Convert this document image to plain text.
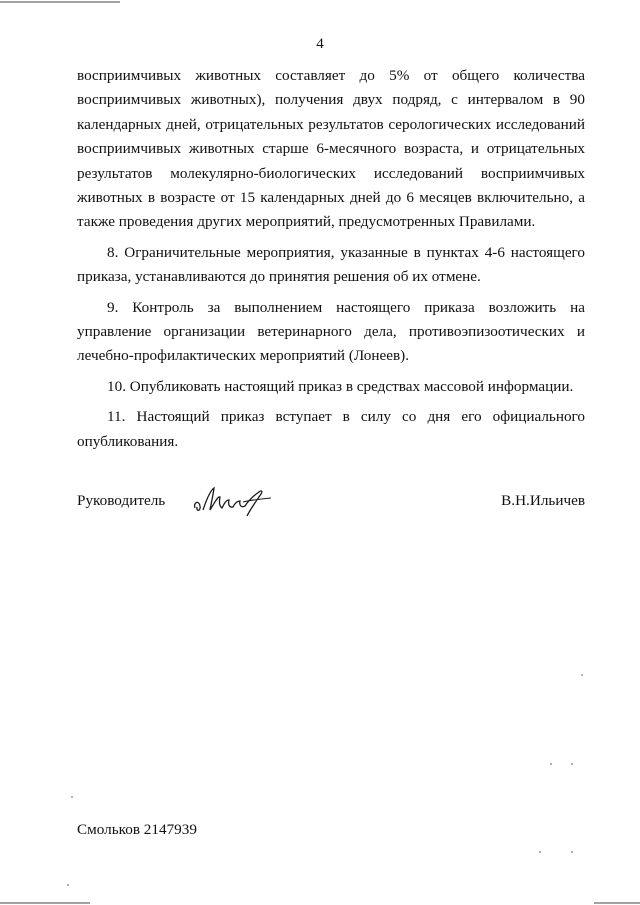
4

восприимчивых животных составляет до 5% от общего количества восприимчивых животных), получения двух подряд, с интервалом в 90 календарных дней, отрицательных результатов серологических исследований восприимчивых животных старше 6-месячного возраста, и отрицательных результатов молекулярно-биологических исследований восприимчивых животных в возрасте от 15 календарных дней до 6 месяцев включительно, а также проведения других мероприятий, предусмотренных Правилами.

8. Ограничительные мероприятия, указанные в пунктах 4-6 настоящего приказа, устанавливаются до принятия решения об их отмене.

9. Контроль за выполнением настоящего приказа возложить на управление организации ветеринарного дела, противоэпизоотических и лечебно-профилактических мероприятий (Лонеев).

10. Опубликовать настоящий приказ в средствах массовой информации.

11. Настоящий приказ вступает в силу со дня его официального опубликования.

Руководитель	В.Н.Ильичев
Смольков 2147939
